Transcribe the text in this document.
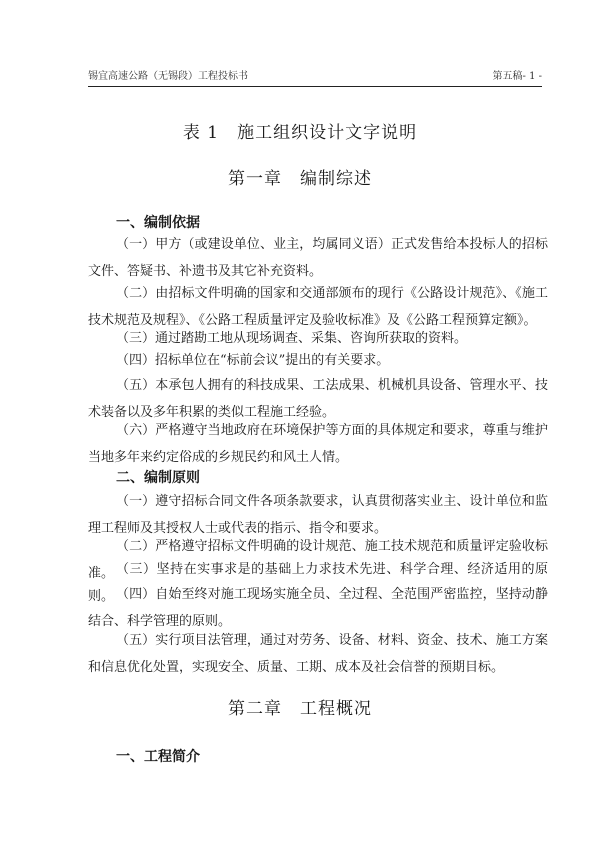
锡宜高速公路（无锡段）工程投标书	第五稿- 1 -
表 1　施工组织设计文字说明
第一章　编制综述
一、编制依据
（一）甲方（或建设单位、业主，均属同义语）正式发售给本投标人的招标文件、答疑书、补遗书及其它补充资料。
（二）由招标文件明确的国家和交通部颁布的现行《公路设计规范》、《施工技术规范及规程》、《公路工程质量评定及验收标准》及《公路工程预算定额》。
（三）通过踏勘工地从现场调查、采集、咨询所获取的资料。
（四）招标单位在“标前会议”提出的有关要求。
（五）本承包人拥有的科技成果、工法成果、机械机具设备、管理水平、技术装备以及多年积累的类似工程施工经验。
（六）严格遵守当地政府在环境保护等方面的具体规定和要求，尊重与维护当地多年来约定俗成的乡规民约和风土人情。
二、编制原则
（一）遵守招标合同文件各项条款要求，认真贯彻落实业主、设计单位和监理工程师及其授权人士或代表的指示、指令和要求。
（二）严格遵守招标文件明确的设计规范、施工技术规范和质量评定验收标准。 （三）坚持在实事求是的基础上力求技术先进、科学合理、经济适用的原则。 （四）自始至终对施工现场实施全员、全过程、全范围严密监控，坚持动静结合、科学管理的原则。
（五）实行项目法管理，通过对劳务、设备、材料、资金、技术、施工方案和信息优化处置，实现安全、质量、工期、成本及社会信誉的预期目标。
第二章　工程概况
一、工程简介
